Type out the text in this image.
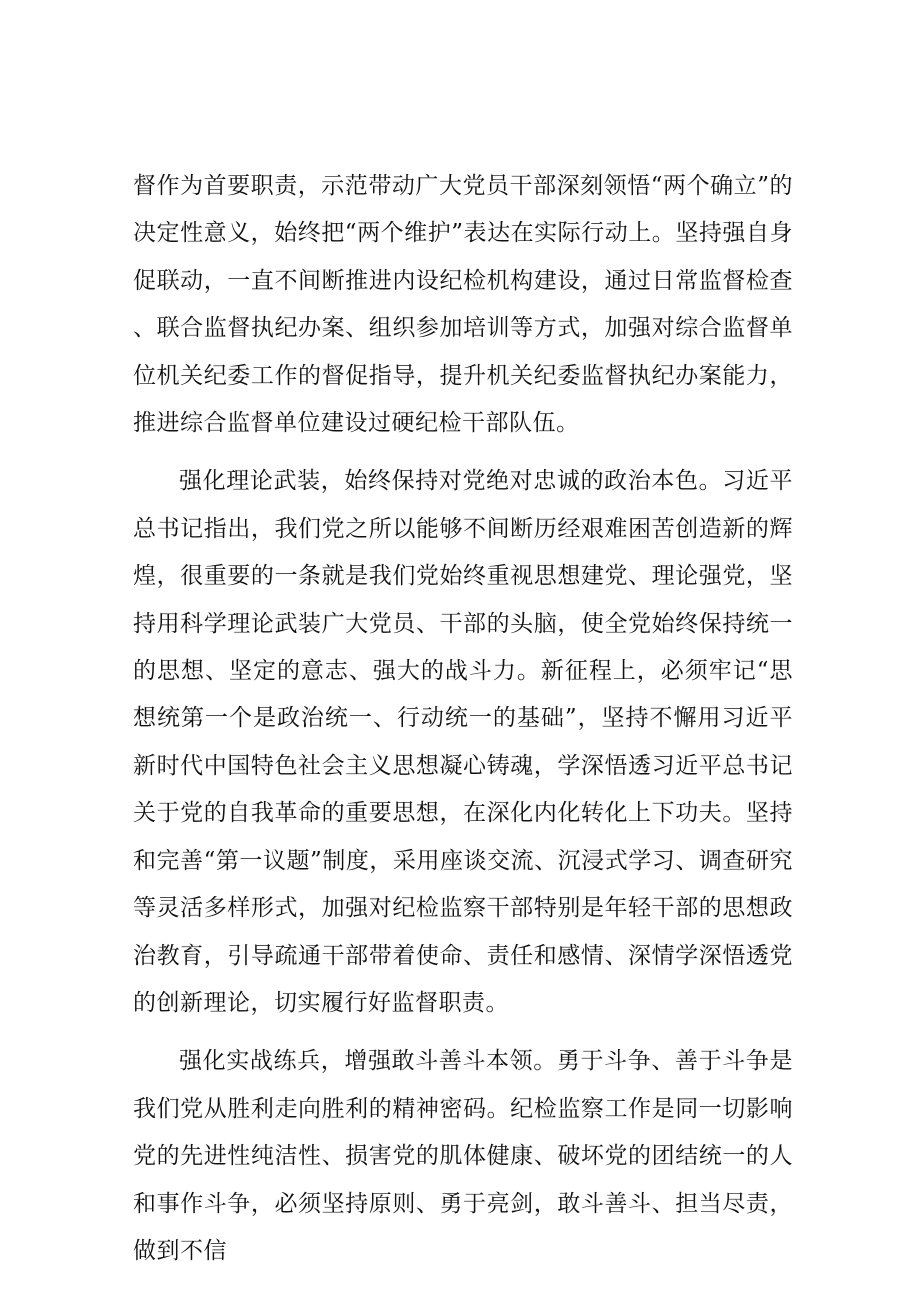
督作为首要职责，示范带动广大党员干部深刻领悟“两个确立”的决定性意义，始终把“两个维护”表达在实际行动上。坚持强自身促联动，一直不间断推进内设纪检机构建设，通过日常监督检查、联合监督执纪办案、组织参加培训等方式，加强对综合监督单位机关纪委工作的督促指导，提升机关纪委监督执纪办案能力，推进综合监督单位建设过硬纪检干部队伍。

强化理论武装，始终保持对党绝对忠诚的政治本色。习近平总书记指出，我们党之所以能够不间断历经艰难困苦创造新的辉煌，很重要的一条就是我们党始终重视思想建党、理论强党，坚持用科学理论武装广大党员、干部的头脑，使全党始终保持统一的思想、坚定的意志、强大的战斗力。新征程上，必须牢记“思想统第一个是政治统一、行动统一的基础”，坚持不懈用习近平新时代中国特色社会主义思想凝心铸魂，学深悟透习近平总书记关于党的自我革命的重要思想，在深化内化转化上下功夫。坚持和完善“第一议题”制度，采用座谈交流、沉浸式学习、调查研究等灵活多样形式，加强对纪检监察干部特别是年轻干部的思想政治教育，引导疏通干部带着使命、责任和感情、深情学深悟透党的创新理论，切实履行好监督职责。

强化实战练兵，增强敢斗善斗本领。勇于斗争、善于斗争是我们党从胜利走向胜利的精神密码。纪检监察工作是同一切影响党的先进性纯洁性、损害党的肌体健康、破坏党的团结统一的人和事作斗争，必须坚持原则、勇于亮剑，敢斗善斗、担当尽责，做到不信
